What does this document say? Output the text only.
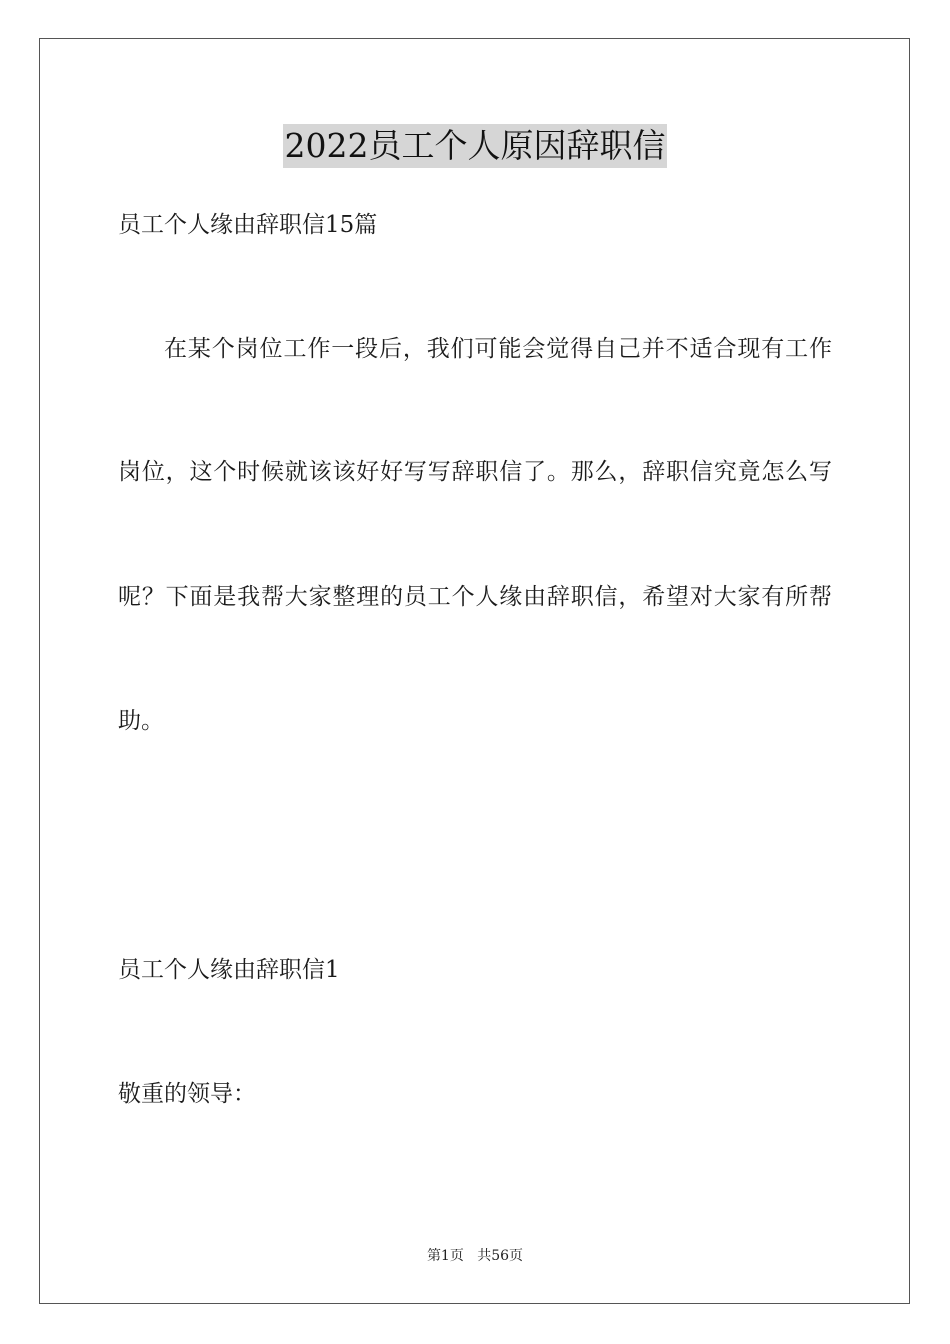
2022员工个人原因辞职信
员工个人缘由辞职信15篇
在某个岗位工作一段后，我们可能会觉得自己并不适合现有工作
岗位，这个时候就该该好好写写辞职信了。那么，辞职信究竟怎么写
呢？下面是我帮大家整理的员工个人缘由辞职信，希望对大家有所帮
助。
员工个人缘由辞职信1
敬重的领导：
第1页 共56页
